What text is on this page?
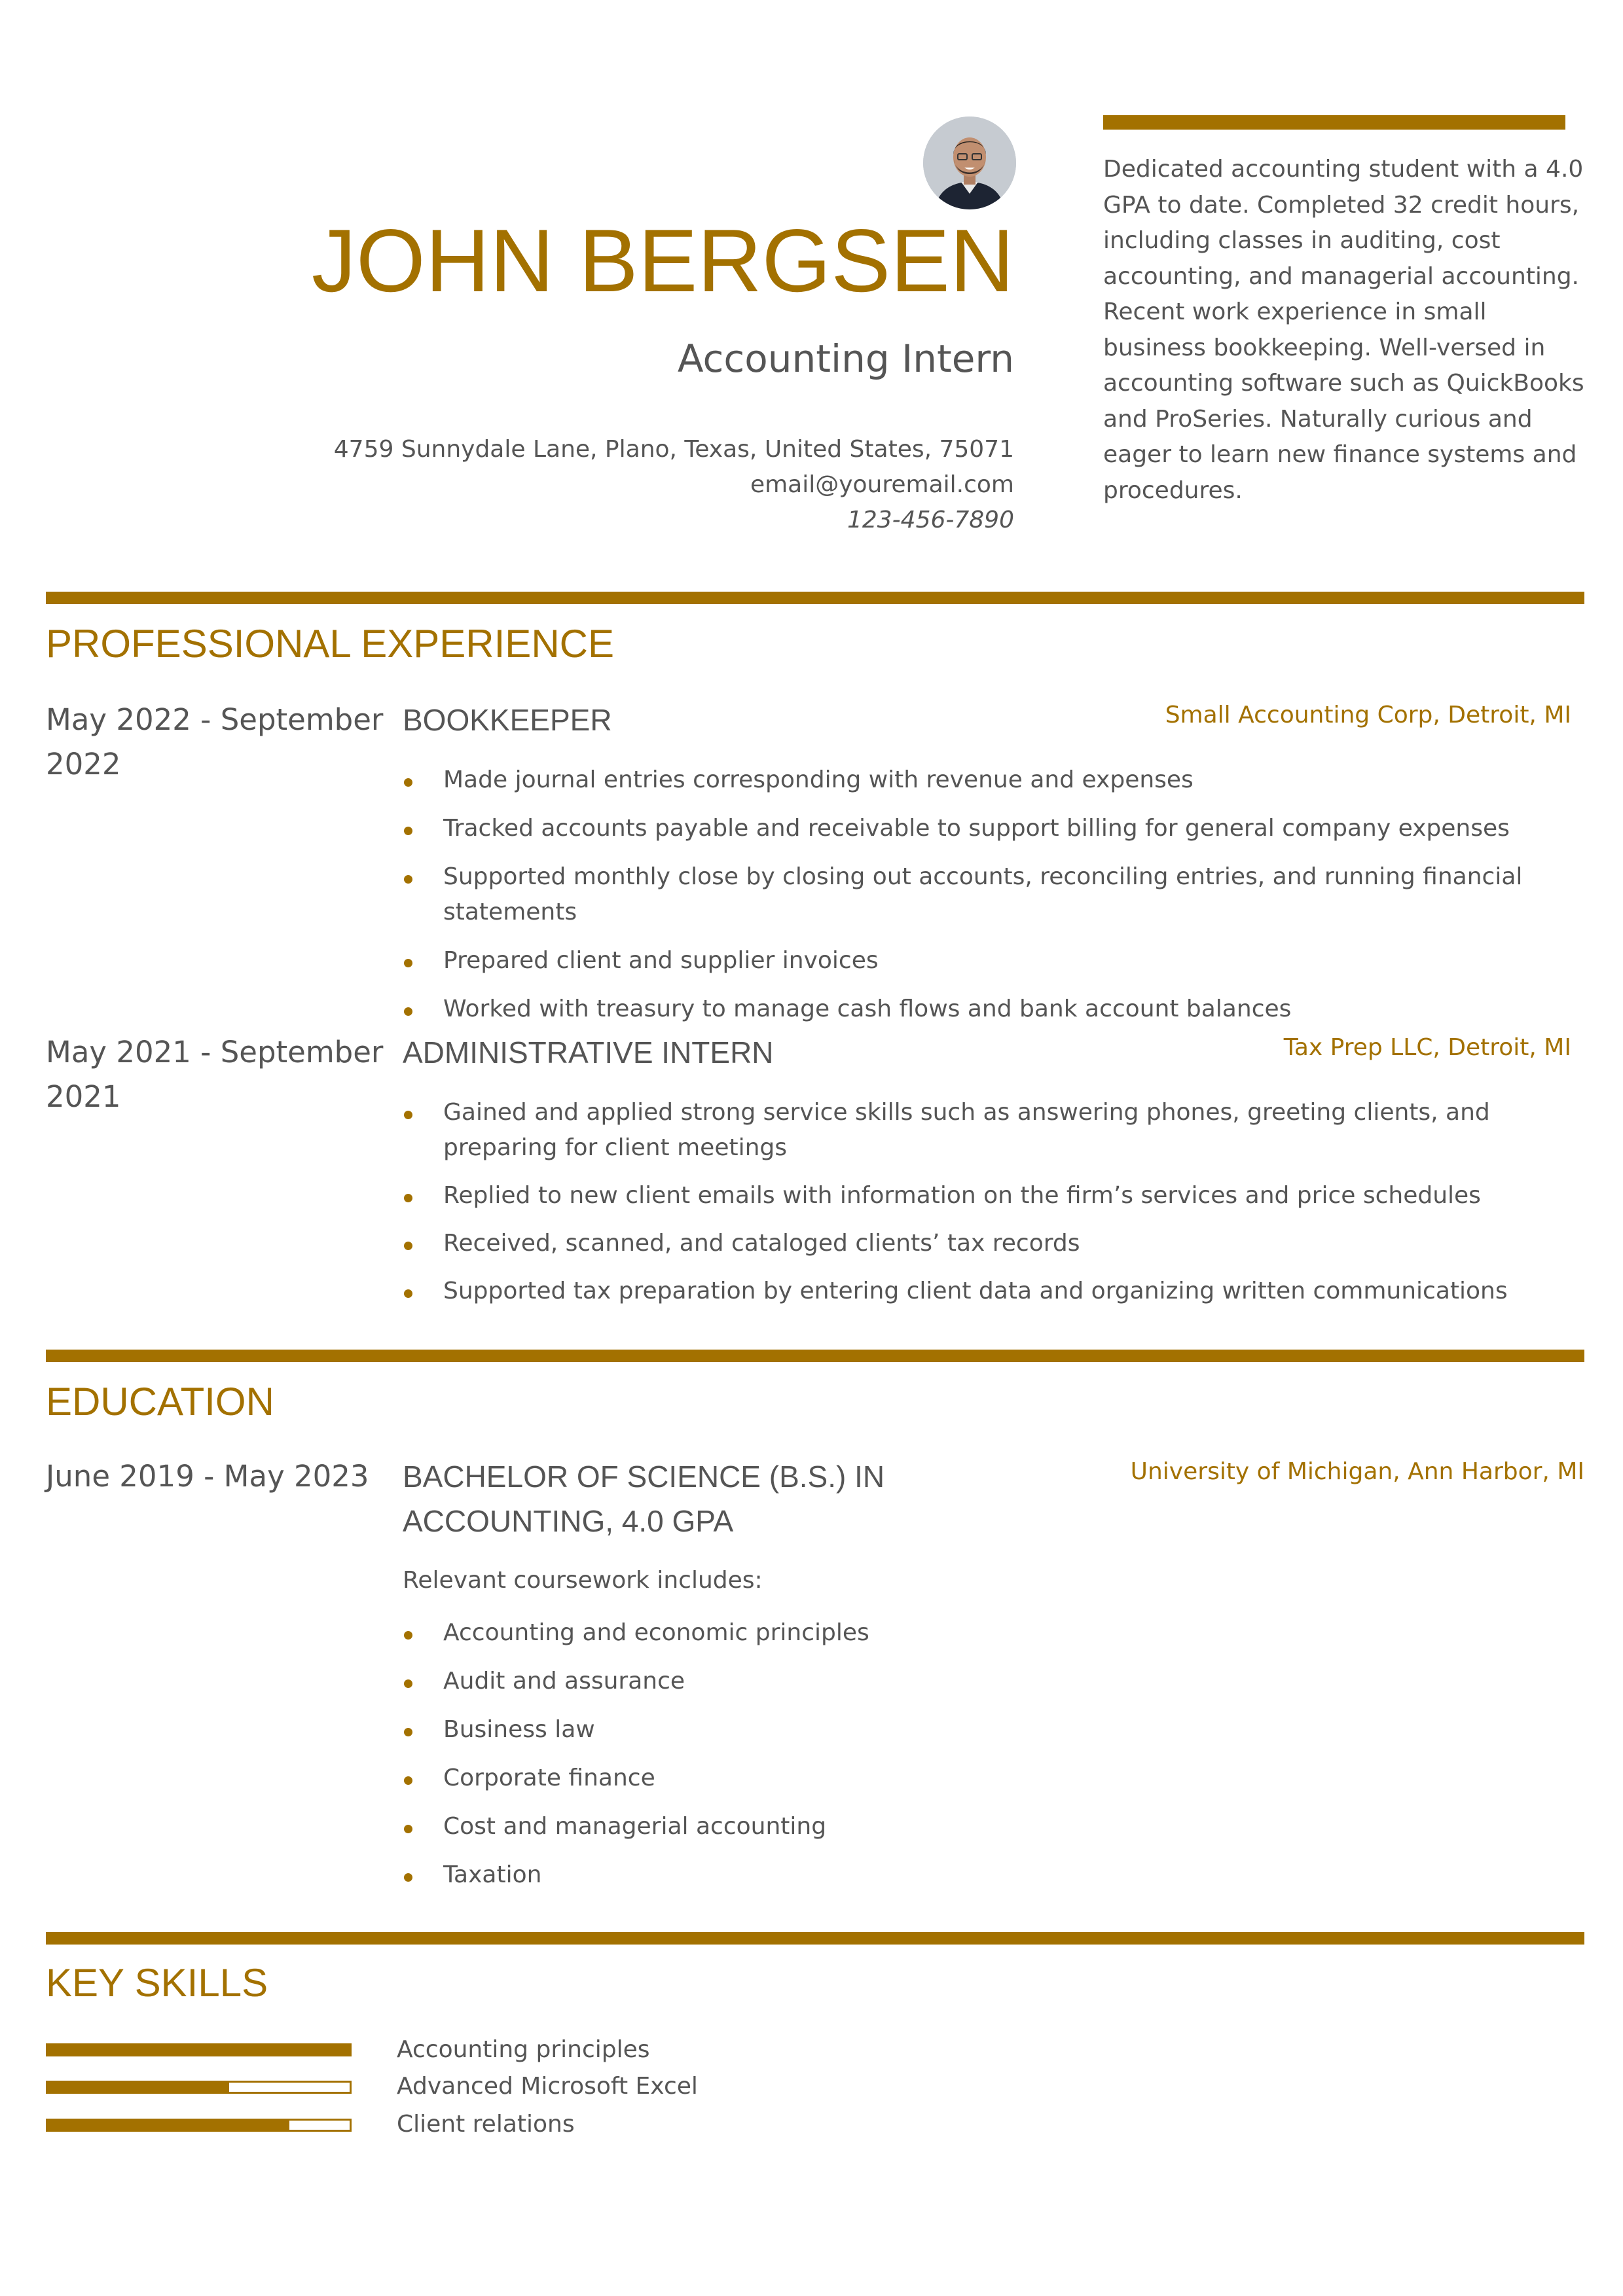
JOHN BERGSEN
Accounting Intern
4759 Sunnydale Lane, Plano, Texas, United States, 75071
email@youremail.com
123-456-7890
Dedicated accounting student with a 4.0 GPA to date. Completed 32 credit hours, including classes in auditing, cost accounting, and managerial accounting. Recent work experience in small business bookkeeping. Well-versed in accounting software such as QuickBooks and ProSeries. Naturally curious and eager to learn new finance systems and procedures.
PROFESSIONAL EXPERIENCE
May 2022 - September 2022
BOOKKEEPER	Small Accounting Corp, Detroit, MI
Made journal entries corresponding with revenue and expenses
Tracked accounts payable and receivable to support billing for general company expenses
Supported monthly close by closing out accounts, reconciling entries, and running financial statements
Prepared client and supplier invoices
Worked with treasury to manage cash flows and bank account balances
May 2021 - September 2021
ADMINISTRATIVE INTERN	Tax Prep LLC, Detroit, MI
Gained and applied strong service skills such as answering phones, greeting clients, and preparing for client meetings
Replied to new client emails with information on the firm’s services and price schedules
Received, scanned, and cataloged clients’ tax records
Supported tax preparation by entering client data and organizing written communications
EDUCATION
June 2019 - May 2023	BACHELOR OF SCIENCE (B.S.) IN ACCOUNTING, 4.0 GPA
University of Michigan, Ann Harbor, MI
Relevant coursework includes:
Accounting and economic principles
Audit and assurance
Business law
Corporate finance
Cost and managerial accounting
Taxation
KEY SKILLS
Accounting principles
Advanced Microsoft Excel
Client relations
